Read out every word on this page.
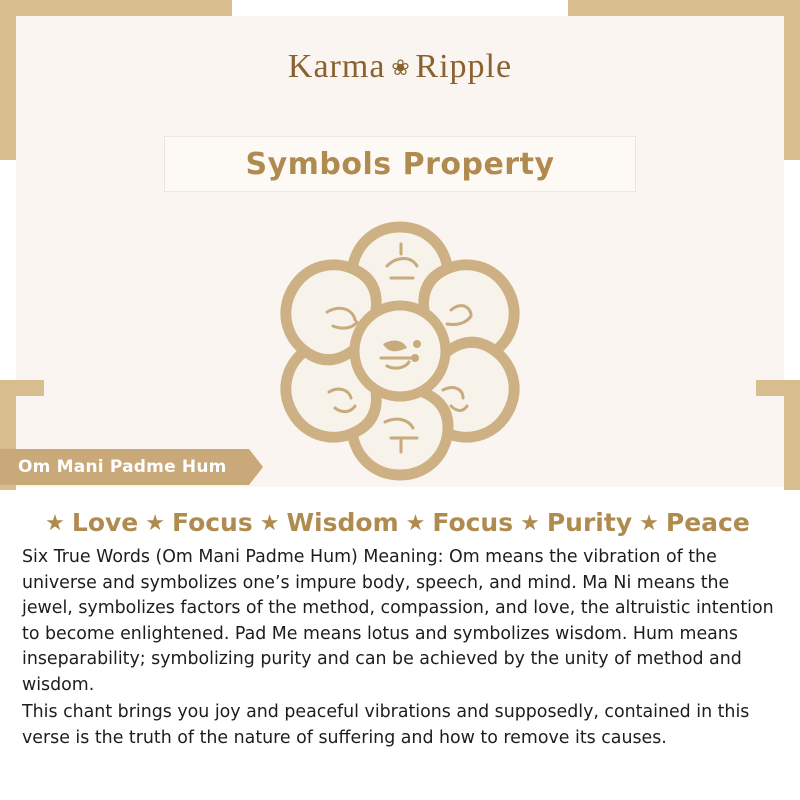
Karma ❀ Ripple
Symbols Property
Om Mani Padme Hum
★ Love ★ Focus ★ Wisdom ★ Focus ★ Purity ★ Peace

Six True Words (Om Mani Padme Hum) Meaning: Om means the vibration of the universe and symbolizes one’s impure body, speech, and mind. Ma Ni means the jewel, symbolizes factors of the method, compassion, and love, the altruistic intention to become enlightened. Pad Me means lotus and symbolizes wisdom. Hum means inseparability; symbolizing purity and can be achieved by the unity of method and wisdom.

This chant brings you joy and peaceful vibrations and supposedly, contained in this verse is the truth of the nature of suffering and how to remove its causes.
